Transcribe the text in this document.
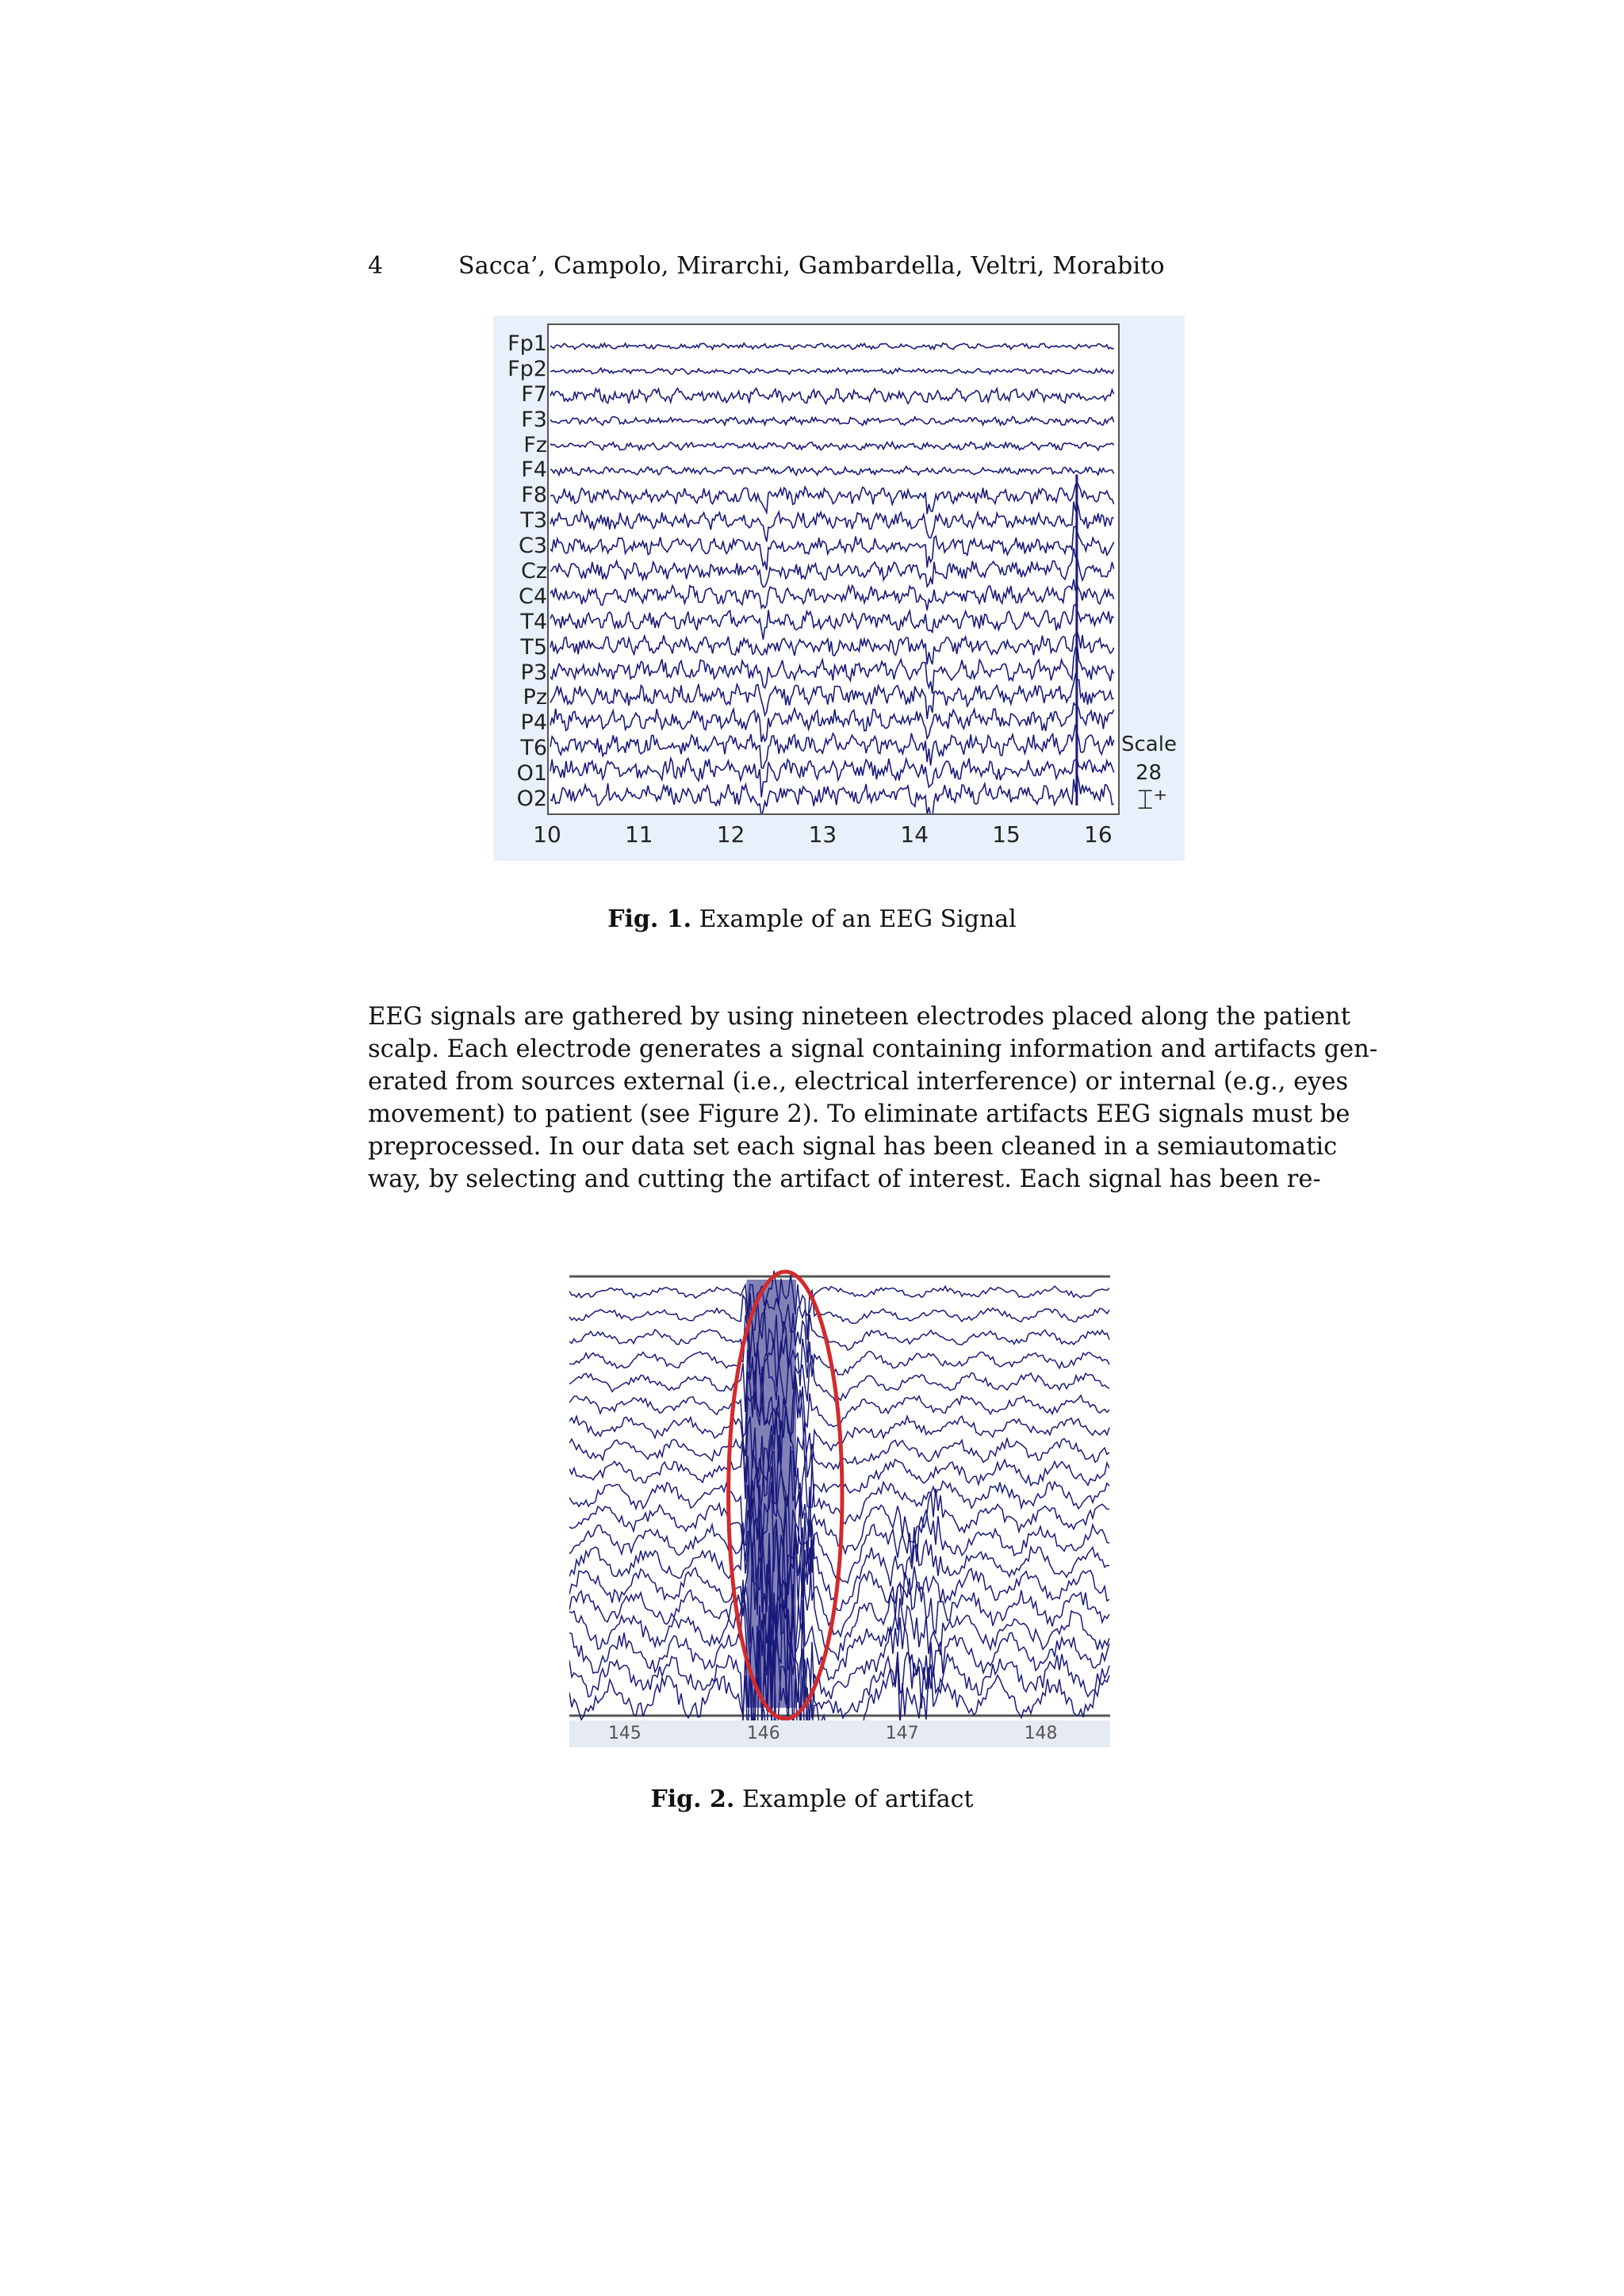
4	Sacca’, Campolo, Mirarchi, Gambardella, Veltri, Morabito
Fp1
Fp2
F7
F3
Fz
F4
F8
T3
C3
Cz
C4
T4
T5
P3
Pz
P4
T6
O1
O2
10	11	12	13	14	15	16
Scale
28
⌶⁺
Fig. 1. Example of an EEG Signal
EEG signals are gathered by using nineteen electrodes placed along the patient
scalp. Each electrode generates a signal containing information and artifacts gen-
erated from sources external (i.e., electrical interference) or internal (e.g., eyes
movement) to patient (see Figure 2). To eliminate artifacts EEG signals must be
preprocessed. In our data set each signal has been cleaned in a semiautomatic
way, by selecting and cutting the artifact of interest. Each signal has been re-
145	146	147	148
Fig. 2. Example of artifact
